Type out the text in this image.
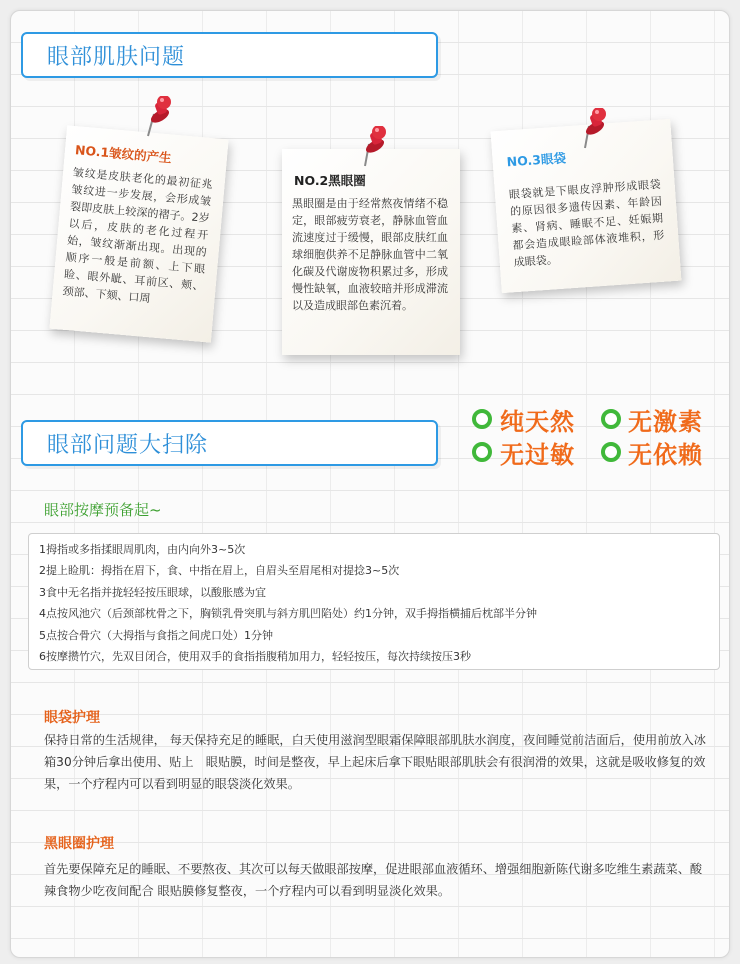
眼部肌肤问题
NO.1皱纹的产生

皱纹是皮肤老化的最初征兆皱纹进一步发展，会形成皱裂即皮肤上较深的褶子。2岁以后，皮肤的老化过程开始，皱纹渐渐出现。出现的顺序一般是前额、上下眼睑、眼外眦、耳前区、颊、颈部、下颏、口周

NO.2黑眼圈

黑眼圈是由于经常熬夜情绪不稳定，眼部疲劳衰老，静脉血管血流速度过于缓慢，眼部皮肤红血球细胞供养不足静脉血管中二氧化碳及代谢废物积累过多，形成慢性缺氧，血液较暗并形成滞流以及造成眼部色素沉着。

NO.3眼袋

眼袋就是下眼皮浮肿形成眼袋的原因很多遗传因素、年龄因素、肾病、睡眠不足、妊娠期都会造成眼睑部体液堆积，形成眼袋。

眼部问题大扫除
纯天然 无激素
无过敏 无依赖
眼部按摩预备起~
1拇指或多指揉眼周肌肉，由内向外3~5次
2提上睑肌：拇指在眉下，食、中指在眉上，自眉头至眉尾相对提捻3~5次
3食中无名指并拢轻轻按压眼球，以酸胀感为宜
4点按风池穴（后颈部枕骨之下，胸锁乳骨突肌与斜方肌凹陷处）约1分钟，双手拇指横捕后枕部半分钟
5点按合骨穴（大拇指与食指之间虎口处）1分钟
6按摩攒竹穴，先双目闭合，使用双手的食指指腹稍加用力，轻轻按压，每次持续按压3秒
眼袋护理
保持日常的生活规律， 每天保持充足的睡眠，白天使用滋润型眼霜保障眼部肌肤水润度，夜间睡觉前洁面后，使用前放入冰箱30分钟后拿出使用、贴上　眼贴膜，时间是整夜，早上起床后拿下眼贴眼部肌肤会有很润滑的效果，这就是吸收修复的效果，一个疗程内可以看到明显的眼袋淡化效果。
黑眼圈护理
首先要保障充足的睡眠、不要熬夜、其次可以每天做眼部按摩，促进眼部血液循环、增强细胞新陈代谢多吃维生素蔬菜、酸辣食物少吃夜间配合 眼贴膜修复整夜，一个疗程内可以看到明显淡化效果。
